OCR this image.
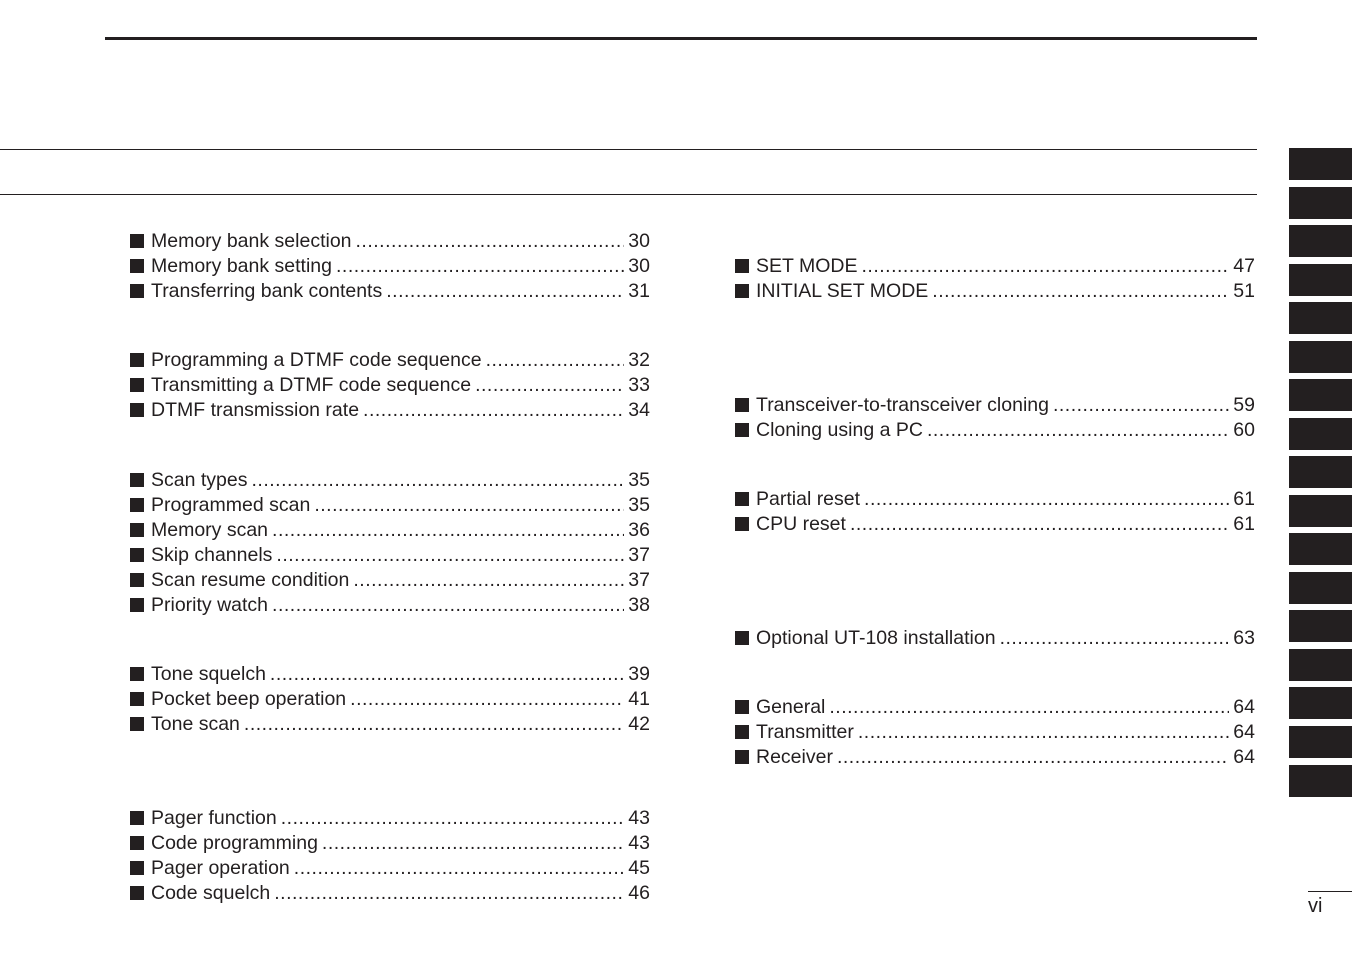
Memory bank selection .....	30
Memory bank setting .....	30
Transferring bank contents .....	31
Programming a DTMF code sequence .....	32
Transmitting a DTMF code sequence .....	33
DTMF transmission rate .....	34
Scan types .....	35
Programmed scan .....	35
Memory scan .....	36
Skip channels .....	37
Scan resume condition .....	37
Priority watch .....	38
Tone squelch .....	39
Pocket beep operation .....	41
Tone scan .....	42
Pager function .....	43
Code programming .....	43
Pager operation .....	45
Code squelch .....	46
SET MODE .....	47
INITIAL SET MODE .....	51
Transceiver-to-transceiver cloning .....	59
Cloning using a PC .....	60
Partial reset .....	61
CPU reset .....	61
Optional UT-108 installation .....	63
General .....	64
Transmitter .....	64
Receiver .....	64
vi
